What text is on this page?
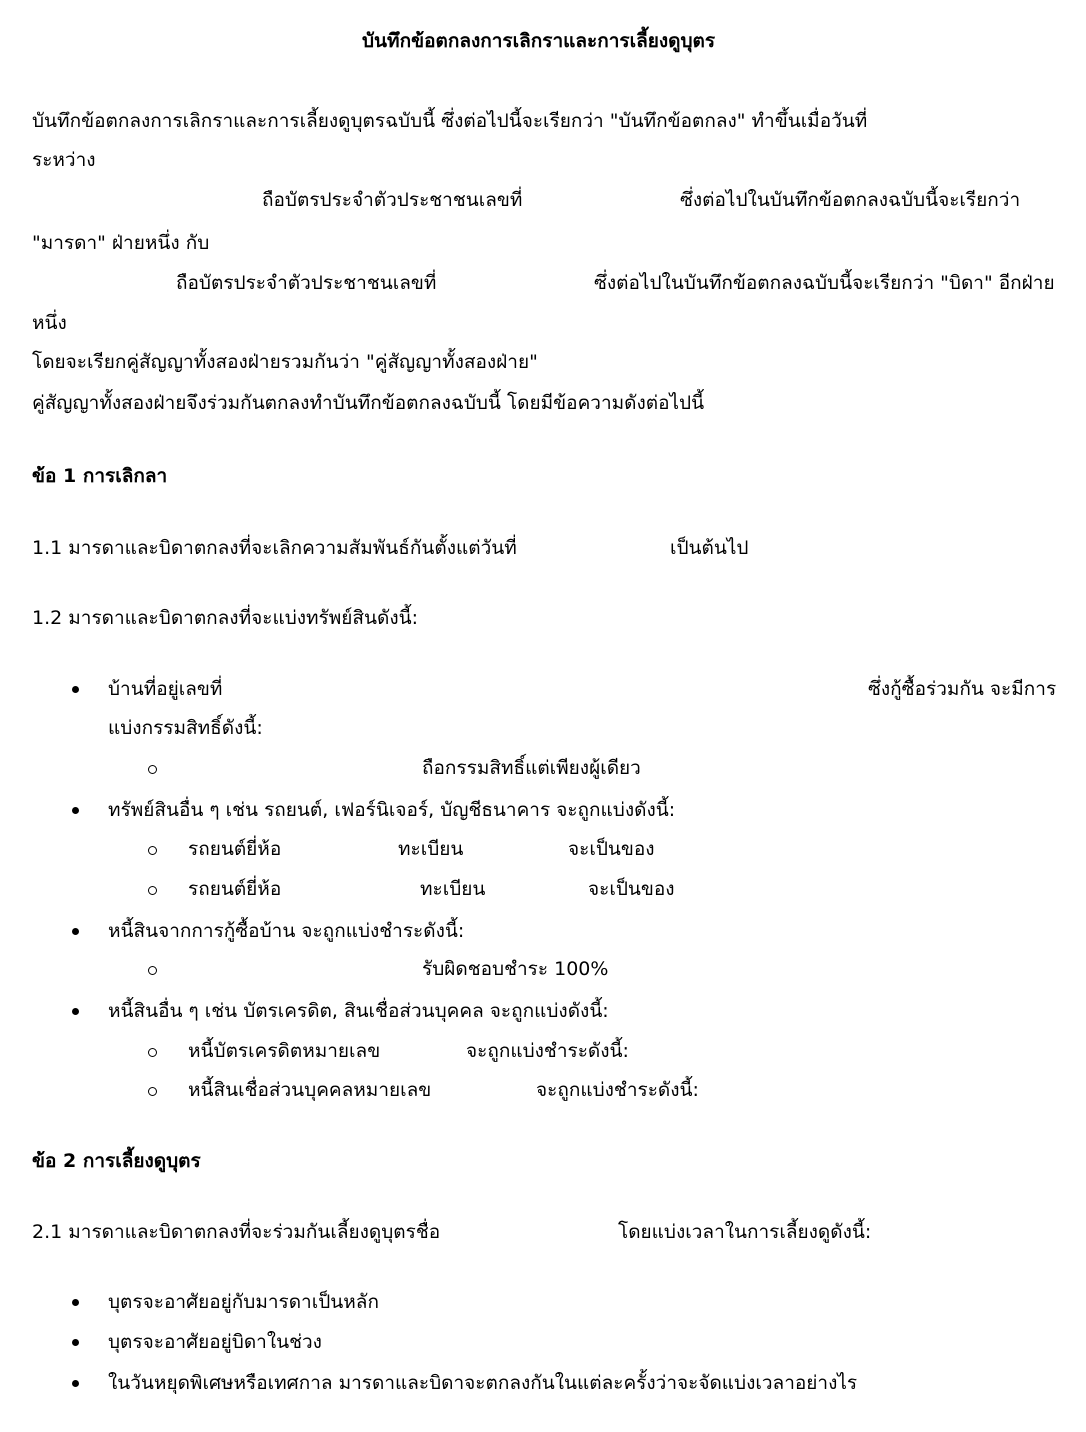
บันทึกข้อตกลงการเลิกราและการเลี้ยงดูบุตร
บันทึกข้อตกลงการเลิกราและการเลี้ยงดูบุตรฉบับนี้ ซึ่งต่อไปนี้จะเรียกว่า "บันทึกข้อตกลง" ทำขึ้นเมื่อวันที่
ระหว่าง
ถือบัตรประจำตัวประชาชนเลขที่	ซึ่งต่อไปในบันทึกข้อตกลงฉบับนี้จะเรียกว่า
"มารดา" ฝ่ายหนึ่ง กับ
ถือบัตรประจำตัวประชาชนเลขที่	ซึ่งต่อไปในบันทึกข้อตกลงฉบับนี้จะเรียกว่า "บิดา" อีกฝ่าย
หนึ่ง
โดยจะเรียกคู่สัญญาทั้งสองฝ่ายรวมกันว่า "คู่สัญญาทั้งสองฝ่าย"
คู่สัญญาทั้งสองฝ่ายจึงร่วมกันตกลงทำบันทึกข้อตกลงฉบับนี้ โดยมีข้อความดังต่อไปนี้
ข้อ 1 การเลิกลา
1.1 มารดาและบิดาตกลงที่จะเลิกความสัมพันธ์กันตั้งแต่วันที่	เป็นต้นไป
1.2 มารดาและบิดาตกลงที่จะแบ่งทรัพย์สินดังนี้:
บ้านที่อยู่เลขที่	ซึ่งกู้ซื้อร่วมกัน จะมีการ
แบ่งกรรมสิทธิ์ดังนี้:
ถือกรรมสิทธิ์แต่เพียงผู้เดียว
ทรัพย์สินอื่น ๆ เช่น รถยนต์, เฟอร์นิเจอร์, บัญชีธนาคาร จะถูกแบ่งดังนี้:
รถยนต์ยี่ห้อ	ทะเบียน	จะเป็นของ
รถยนต์ยี่ห้อ	ทะเบียน	จะเป็นของ
หนี้สินจากการกู้ซื้อบ้าน จะถูกแบ่งชำระดังนี้:
รับผิดชอบชำระ 100%
หนี้สินอื่น ๆ เช่น บัตรเครดิต, สินเชื่อส่วนบุคคล จะถูกแบ่งดังนี้:
หนี้บัตรเครดิตหมายเลข	จะถูกแบ่งชำระดังนี้:
หนี้สินเชื่อส่วนบุคคลหมายเลข	จะถูกแบ่งชำระดังนี้:
ข้อ 2 การเลี้ยงดูบุตร
2.1 มารดาและบิดาตกลงที่จะร่วมกันเลี้ยงดูบุตรชื่อ	โดยแบ่งเวลาในการเลี้ยงดูดังนี้:
บุตรจะอาศัยอยู่กับมารดาเป็นหลัก
บุตรจะอาศัยอยู่บิดาในช่วง
ในวันหยุดพิเศษหรือเทศกาล มารดาและบิดาจะตกลงกันในแต่ละครั้งว่าจะจัดแบ่งเวลาอย่างไร
